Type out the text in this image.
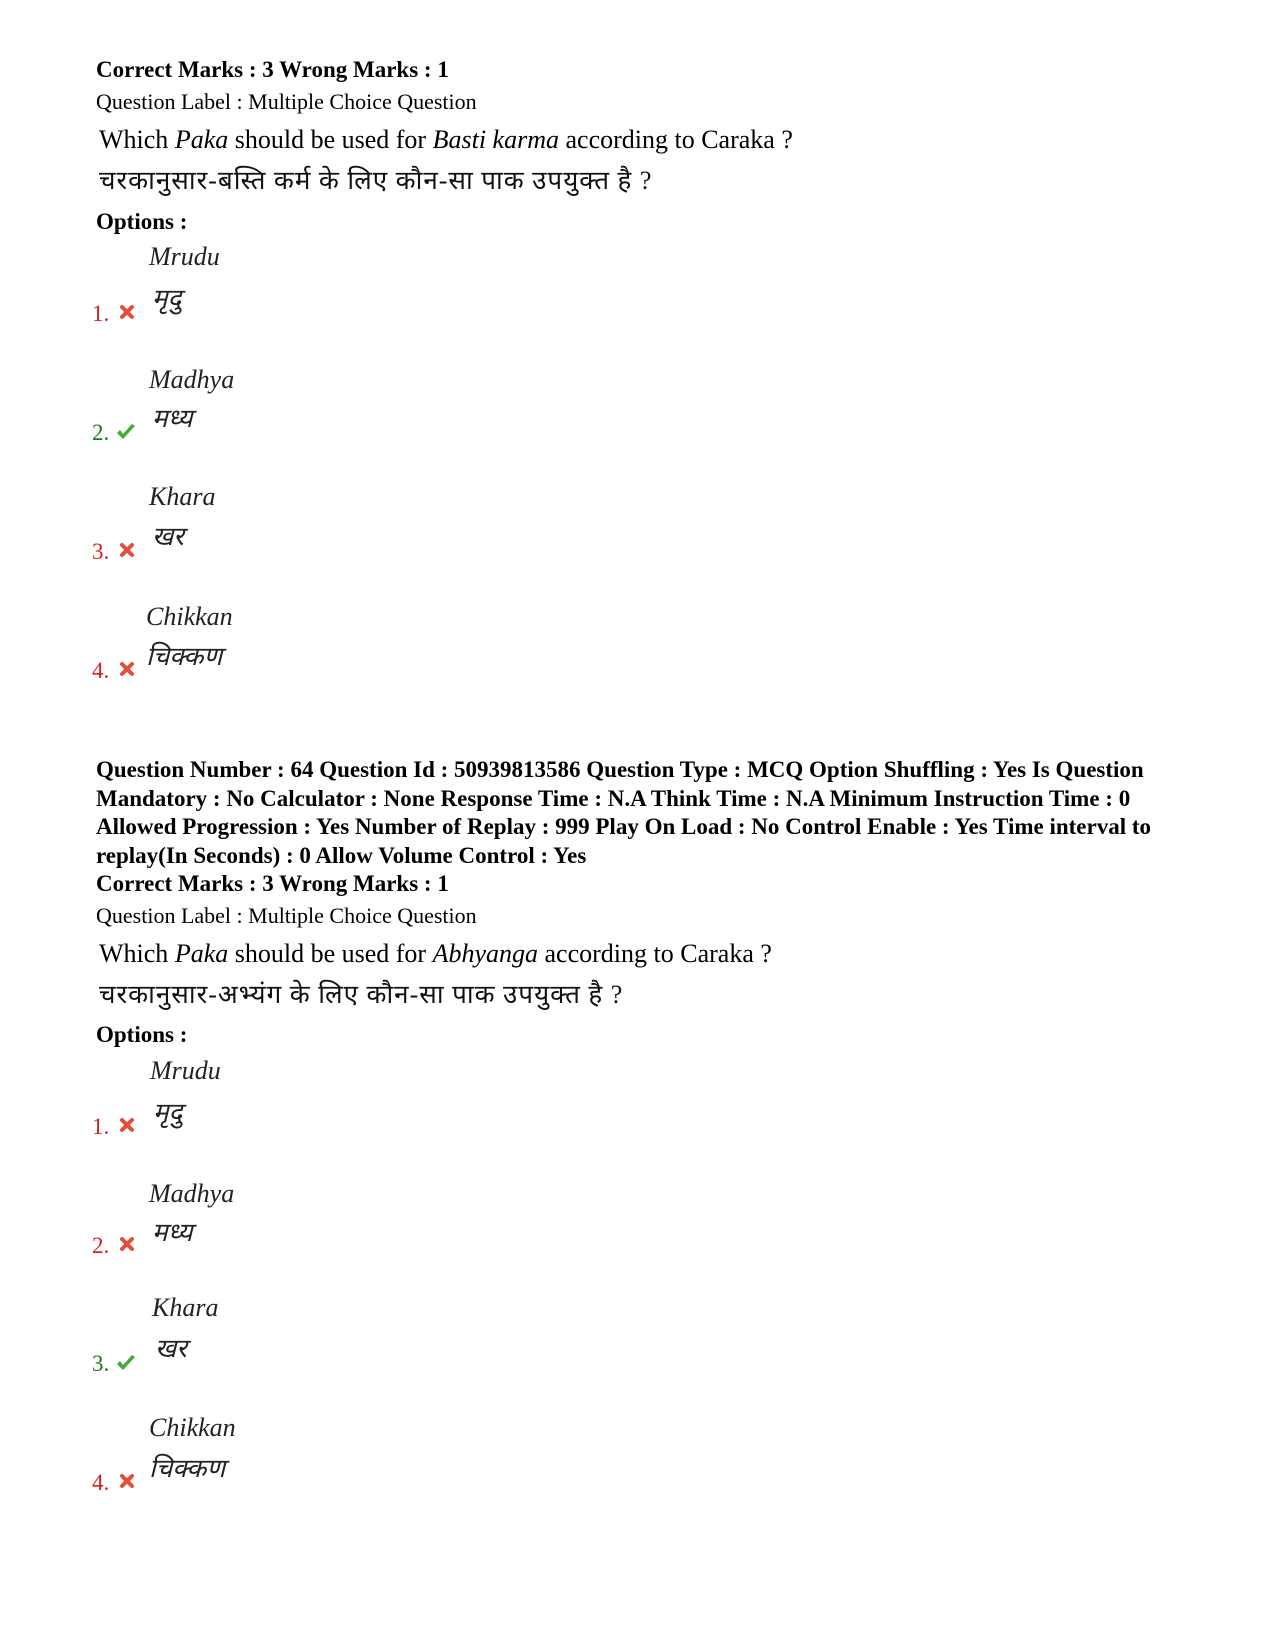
Correct Marks : 3 Wrong Marks : 1
Question Label : Multiple Choice Question
Which Paka should be used for Basti karma according to Caraka ?
चरकानुसार-बस्ति कर्म के लिए कौन-सा पाक उपयुक्त है ?
Options :
Mrudu
मृदु
1.
Madhya
मध्य
2.
Khara
खर
3.
Chikkan
चिक्कण
4.
Question Number : 64 Question Id : 50939813586 Question Type : MCQ Option Shuffling : Yes Is Question Mandatory : No Calculator : None Response Time : N.A Think Time : N.A Minimum Instruction Time : 0 Allowed Progression : Yes Number of Replay : 999 Play On Load : No Control Enable : Yes Time interval to replay(In Seconds) : 0 Allow Volume Control : Yes
Correct Marks : 3 Wrong Marks : 1
Question Label : Multiple Choice Question
Which Paka should be used for Abhyanga according to Caraka ?
चरकानुसार-अभ्यंग के लिए कौन-सा पाक उपयुक्त है ?
Options :
Mrudu
मृदु
1.
Madhya
मध्य
2.
Khara
खर
3.
Chikkan
चिक्कण
4.
